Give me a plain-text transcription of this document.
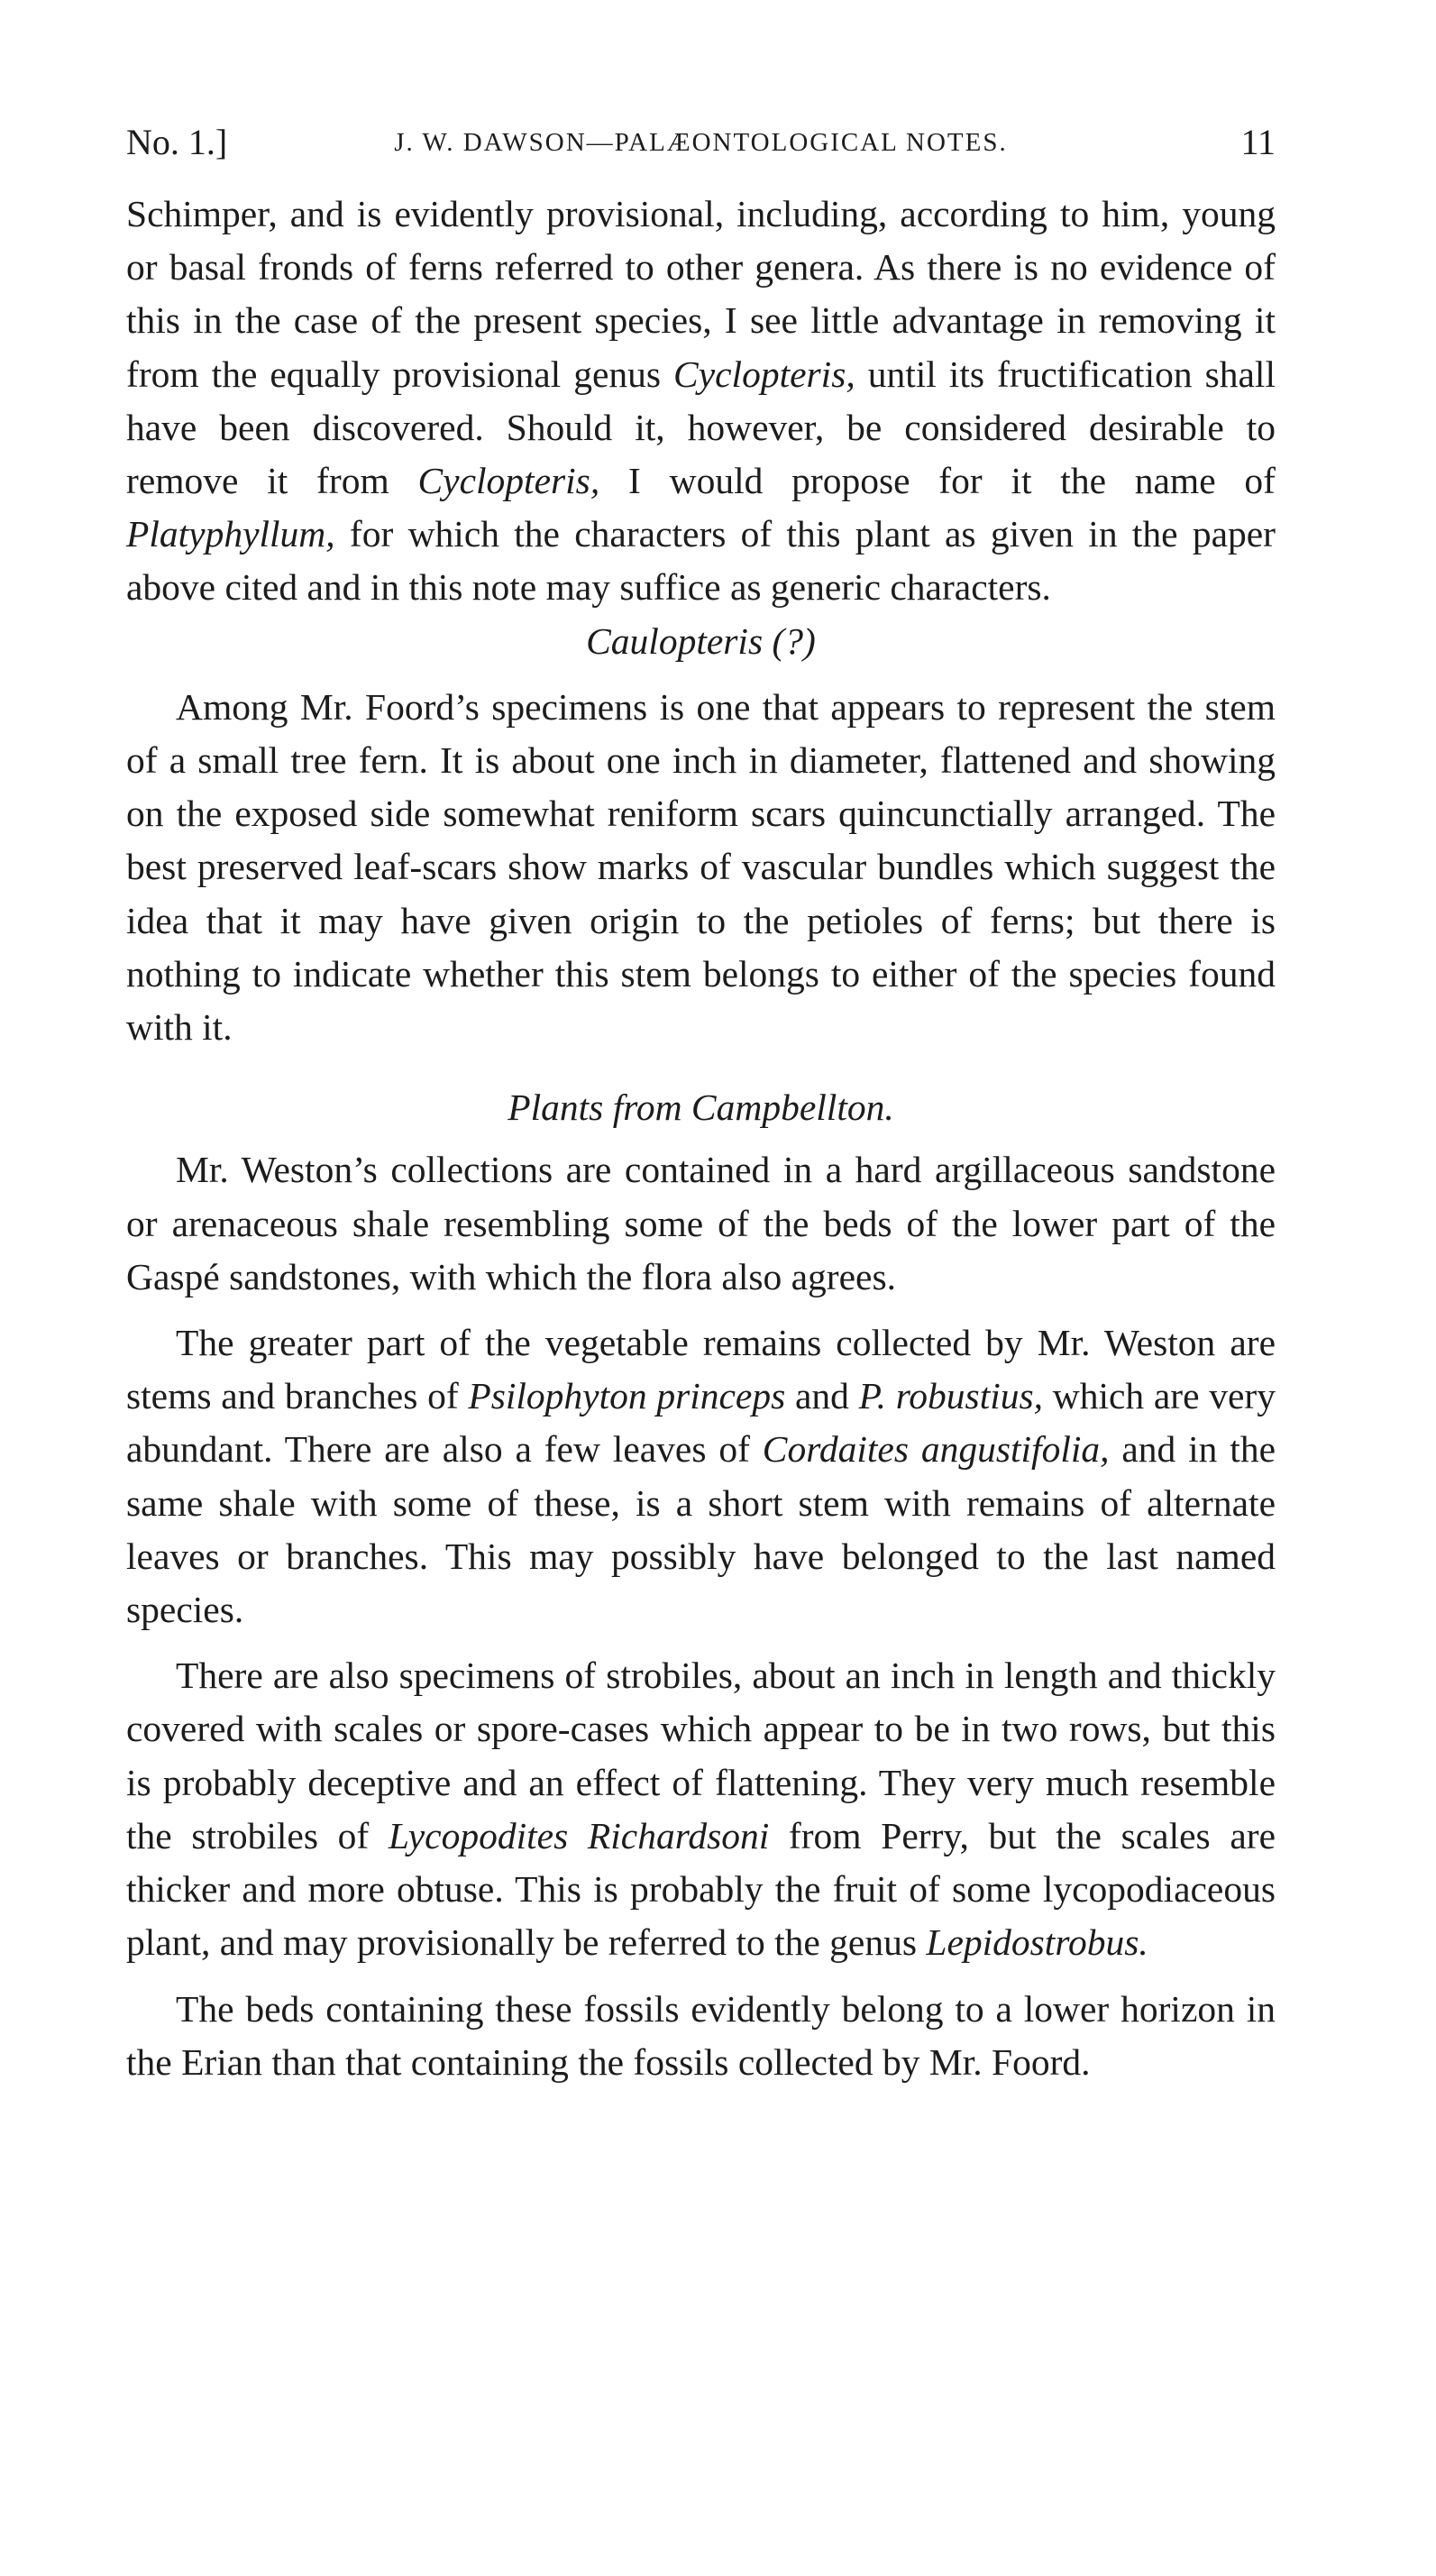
No. 1.]	J. W. DAWSON—PALÆONTOLOGICAL NOTES.	11

Schimper, and is evidently provisional, including, according to him, young or basal fronds of ferns referred to other genera. As there is no evidence of this in the case of the present species, I see little advantage in removing it from the equally provisional genus Cyclopteris, until its fructification shall have been discovered. Should it, however, be considered desirable to remove it from Cyclopteris, I would propose for it the name of Platyphyllum, for which the characters of this plant as given in the paper above cited and in this note may suffice as generic characters.

Caulopteris (?)

Among Mr. Foord’s specimens is one that appears to represent the stem of a small tree fern. It is about one inch in diameter, flattened and showing on the exposed side somewhat reniform scars quincunctially arranged. The best preserved leaf-scars show marks of vascular bundles which suggest the idea that it may have given origin to the petioles of ferns; but there is nothing to indicate whether this stem belongs to either of the species found with it.

Plants from Campbellton.

Mr. Weston’s collections are contained in a hard argillaceous sandstone or arenaceous shale resembling some of the beds of the lower part of the Gaspé sandstones, with which the flora also agrees.

The greater part of the vegetable remains collected by Mr. Weston are stems and branches of Psilophyton princeps and P. robustius, which are very abundant. There are also a few leaves of Cordaites angustifolia, and in the same shale with some of these, is a short stem with remains of alternate leaves or branches. This may possibly have belonged to the last named species.

There are also specimens of strobiles, about an inch in length and thickly covered with scales or spore-cases which appear to be in two rows, but this is probably deceptive and an effect of flattening. They very much resemble the strobiles of Lycopodites Richardsoni from Perry, but the scales are thicker and more obtuse. This is probably the fruit of some lycopodiaceous plant, and may provisionally be referred to the genus Lepidostrobus.

The beds containing these fossils evidently belong to a lower horizon in the Erian than that containing the fossils collected by Mr. Foord.
